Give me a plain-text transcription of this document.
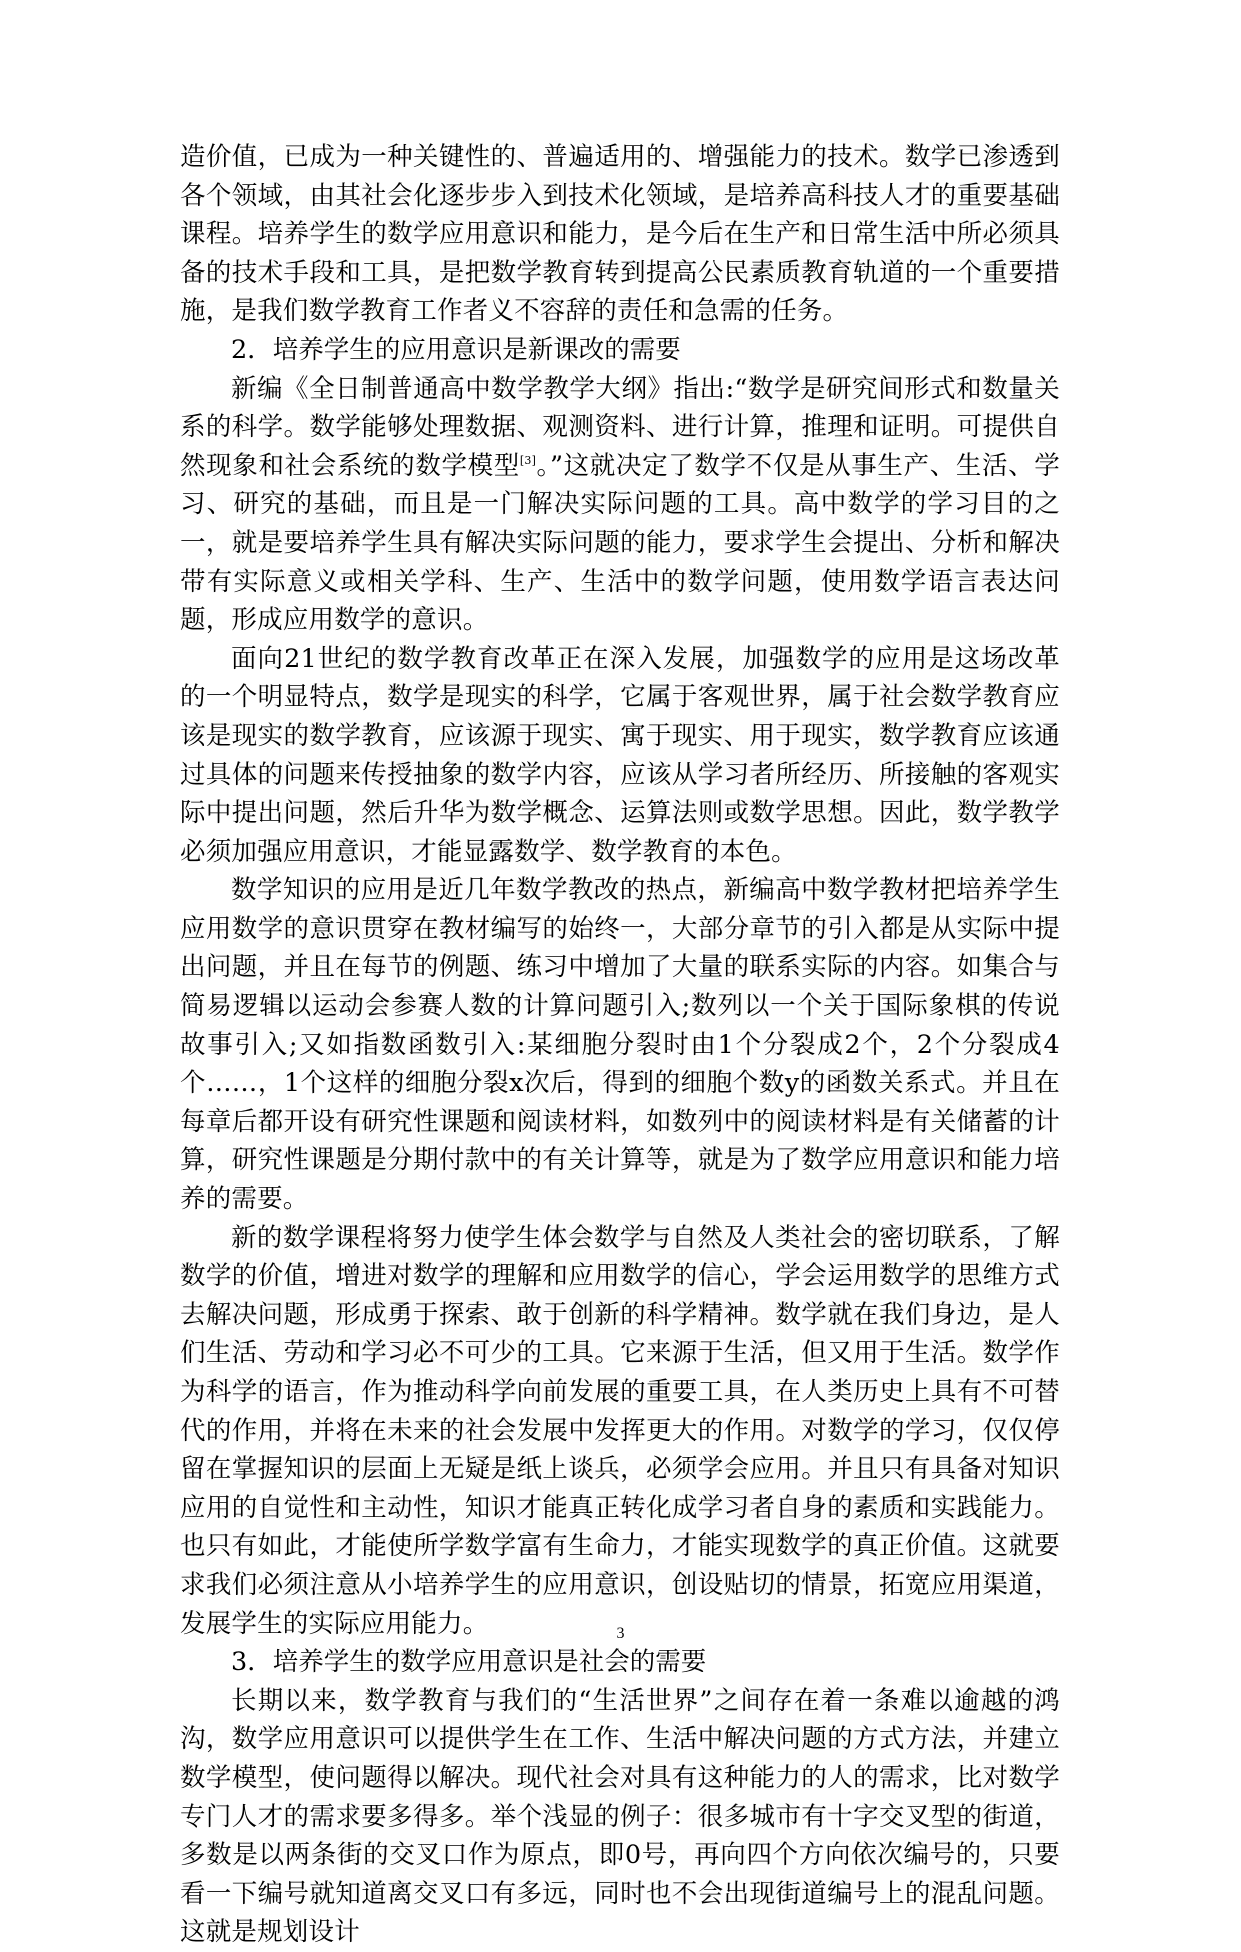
造价值，已成为一种关键性的、普遍适用的、增强能力的技术。数学已渗透到各个领域，由其社会化逐步步入到技术化领域，是培养高科技人才的重要基础课程。培养学生的数学应用意识和能力，是今后在生产和日常生活中所必须具备的技术手段和工具，是把数学教育转到提高公民素质教育轨道的一个重要措施，是我们数学教育工作者义不容辞的责任和急需的任务。

2．培养学生的应用意识是新课改的需要

新编《全日制普通高中数学教学大纲》指出:“数学是研究间形式和数量关系的科学。数学能够处理数据、观测资料、进行计算，推理和证明。可提供自然现象和社会系统的数学模型[3]。”这就决定了数学不仅是从事生产、生活、学习、研究的基础，而且是一门解决实际问题的工具。高中数学的学习目的之一，就是要培养学生具有解决实际问题的能力，要求学生会提出、分析和解决带有实际意义或相关学科、生产、生活中的数学问题，使用数学语言表达问题，形成应用数学的意识。

面向21世纪的数学教育改革正在深入发展，加强数学的应用是这场改革的一个明显特点，数学是现实的科学，它属于客观世界，属于社会数学教育应该是现实的数学教育，应该源于现实、寓于现实、用于现实，数学教育应该通过具体的问题来传授抽象的数学内容，应该从学习者所经历、所接触的客观实际中提出问题，然后升华为数学概念、运算法则或数学思想。因此，数学教学必须加强应用意识，才能显露数学、数学教育的本色。

数学知识的应用是近几年数学教改的热点，新编高中数学教材把培养学生应用数学的意识贯穿在教材编写的始终一，大部分章节的引入都是从实际中提出问题，并且在每节的例题、练习中增加了大量的联系实际的内容。如集合与简易逻辑以运动会参赛人数的计算问题引入;数列以一个关于国际象棋的传说故事引入;又如指数函数引入:某细胞分裂时由1个分裂成2个，2个分裂成4个……，1个这样的细胞分裂x次后，得到的细胞个数y的函数关系式。并且在每章后都开设有研究性课题和阅读材料，如数列中的阅读材料是有关储蓄的计算，研究性课题是分期付款中的有关计算等，就是为了数学应用意识和能力培养的需要。

新的数学课程将努力使学生体会数学与自然及人类社会的密切联系，了解数学的价值，增进对数学的理解和应用数学的信心，学会运用数学的思维方式去解决问题，形成勇于探索、敢于创新的科学精神。数学就在我们身边，是人们生活、劳动和学习必不可少的工具。它来源于生活，但又用于生活。数学作为科学的语言，作为推动科学向前发展的重要工具，在人类历史上具有不可替代的作用，并将在未来的社会发展中发挥更大的作用。对数学的学习，仅仅停留在掌握知识的层面上无疑是纸上谈兵，必须学会应用。并且只有具备对知识应用的自觉性和主动性，知识才能真正转化成学习者自身的素质和实践能力。也只有如此，才能使所学数学富有生命力，才能实现数学的真正价值。这就要求我们必须注意从小培养学生的应用意识，创设贴切的情景，拓宽应用渠道，发展学生的实际应用能力。

3．培养学生的数学应用意识是社会的需要

长期以来，数学教育与我们的“生活世界”之间存在着一条难以逾越的鸿沟，数学应用意识可以提供学生在工作、生活中解决问题的方式方法，并建立数学模型，使问题得以解决。现代社会对具有这种能力的人的需求，比对数学专门人才的需求要多得多。举个浅显的例子：很多城市有十字交叉型的街道，多数是以两条街的交叉口作为原点，即0号，再向四个方向依次编号的，只要看一下编号就知道离交叉口有多远，同时也不会出现街道编号上的混乱问题。这就是规划设计

3
